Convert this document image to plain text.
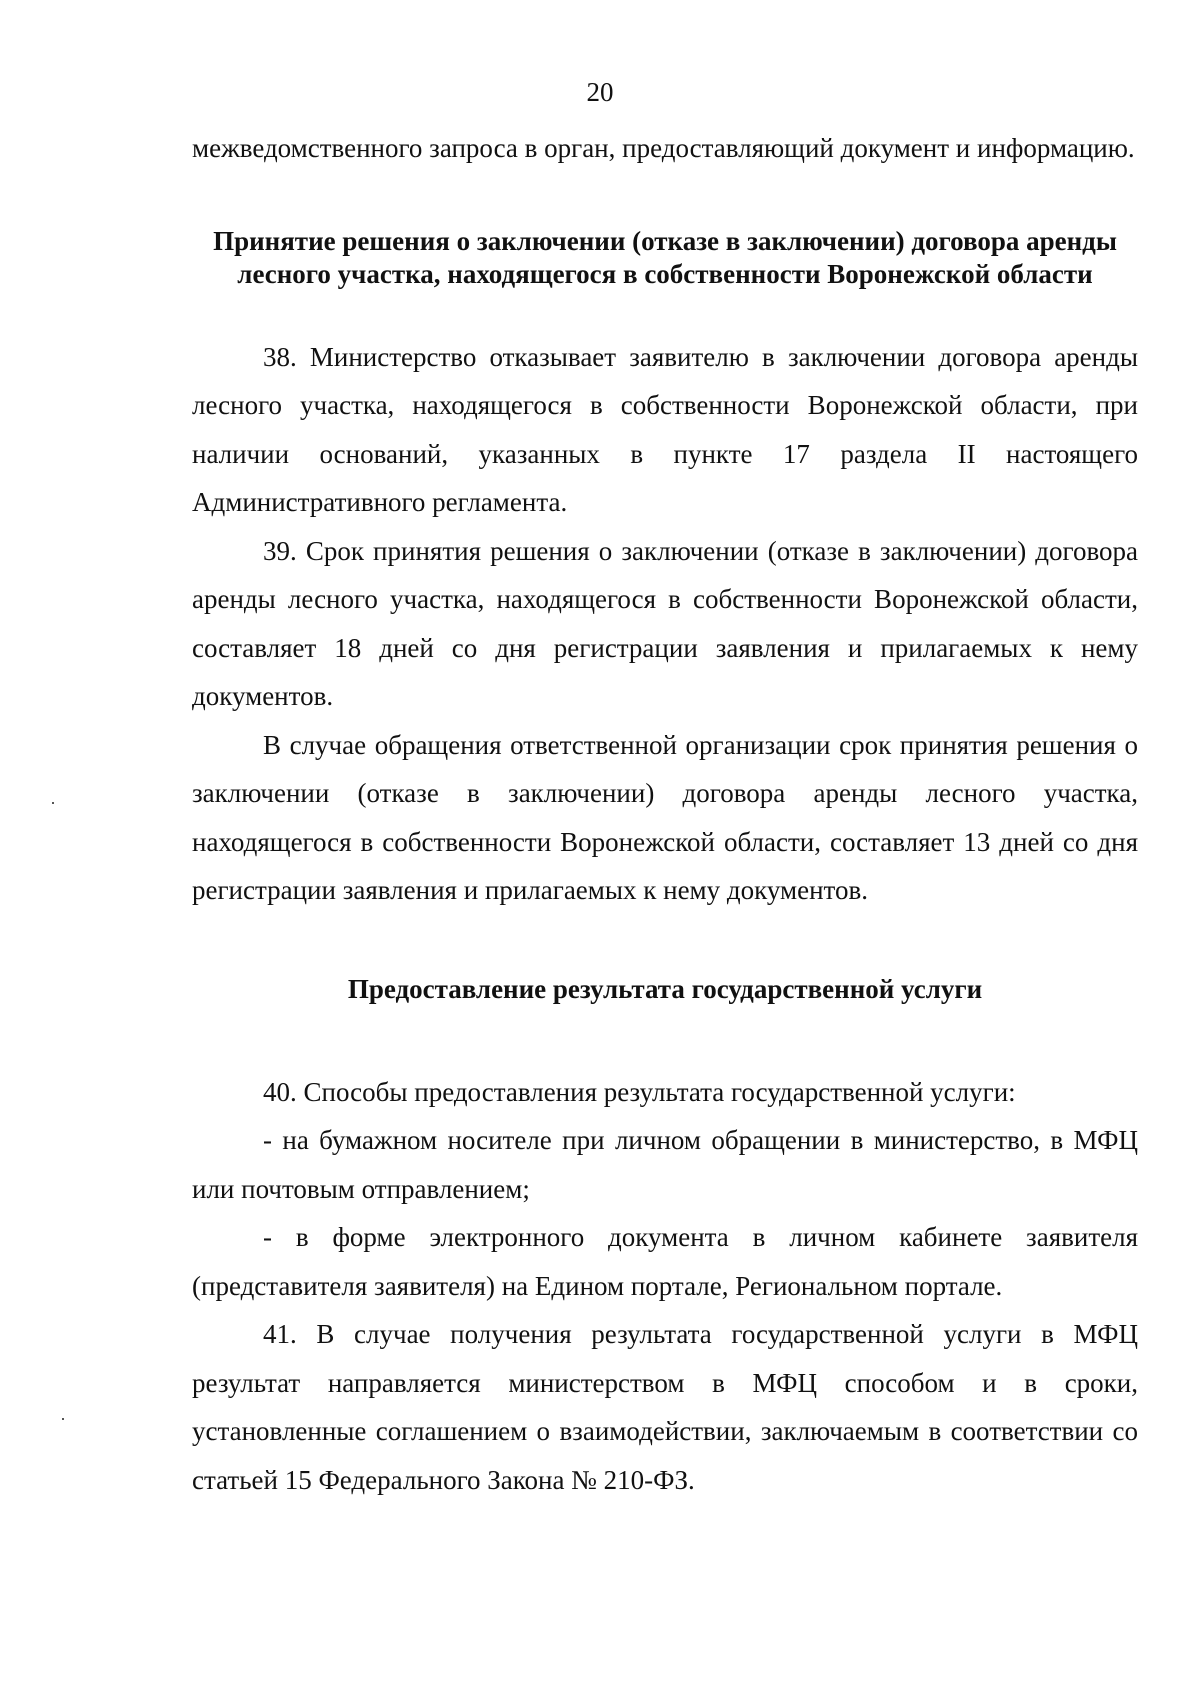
20

межведомственного запроса в орган, предоставляющий документ и информацию.

Принятие решения о заключении (отказе в заключении) договора аренды лесного участка, находящегося в собственности Воронежской области

38. Министерство отказывает заявителю в заключении договора аренды лесного участка, находящегося в собственности Воронежской области, при наличии оснований, указанных в пункте 17 раздела II настоящего Административного регламента.

39. Срок принятия решения о заключении (отказе в заключении) договора аренды лесного участка, находящегося в собственности Воронежской области, составляет 18 дней со дня регистрации заявления и прилагаемых к нему документов.

В случае обращения ответственной организации срок принятия решения о заключении (отказе в заключении) договора аренды лесного участка, находящегося в собственности Воронежской области, составляет 13 дней со дня регистрации заявления и прилагаемых к нему документов.

Предоставление результата государственной услуги

40. Способы предоставления результата государственной услуги:

- на бумажном носителе при личном обращении в министерство, в МФЦ или почтовым отправлением;

- в форме электронного документа в личном кабинете заявителя (представителя заявителя) на Едином портале, Региональном портале.

41. В случае получения результата государственной услуги в МФЦ результат направляется министерством в МФЦ способом и в сроки, установленные соглашением о взаимодействии, заключаемым в соответствии со статьей 15 Федерального Закона № 210-ФЗ.
